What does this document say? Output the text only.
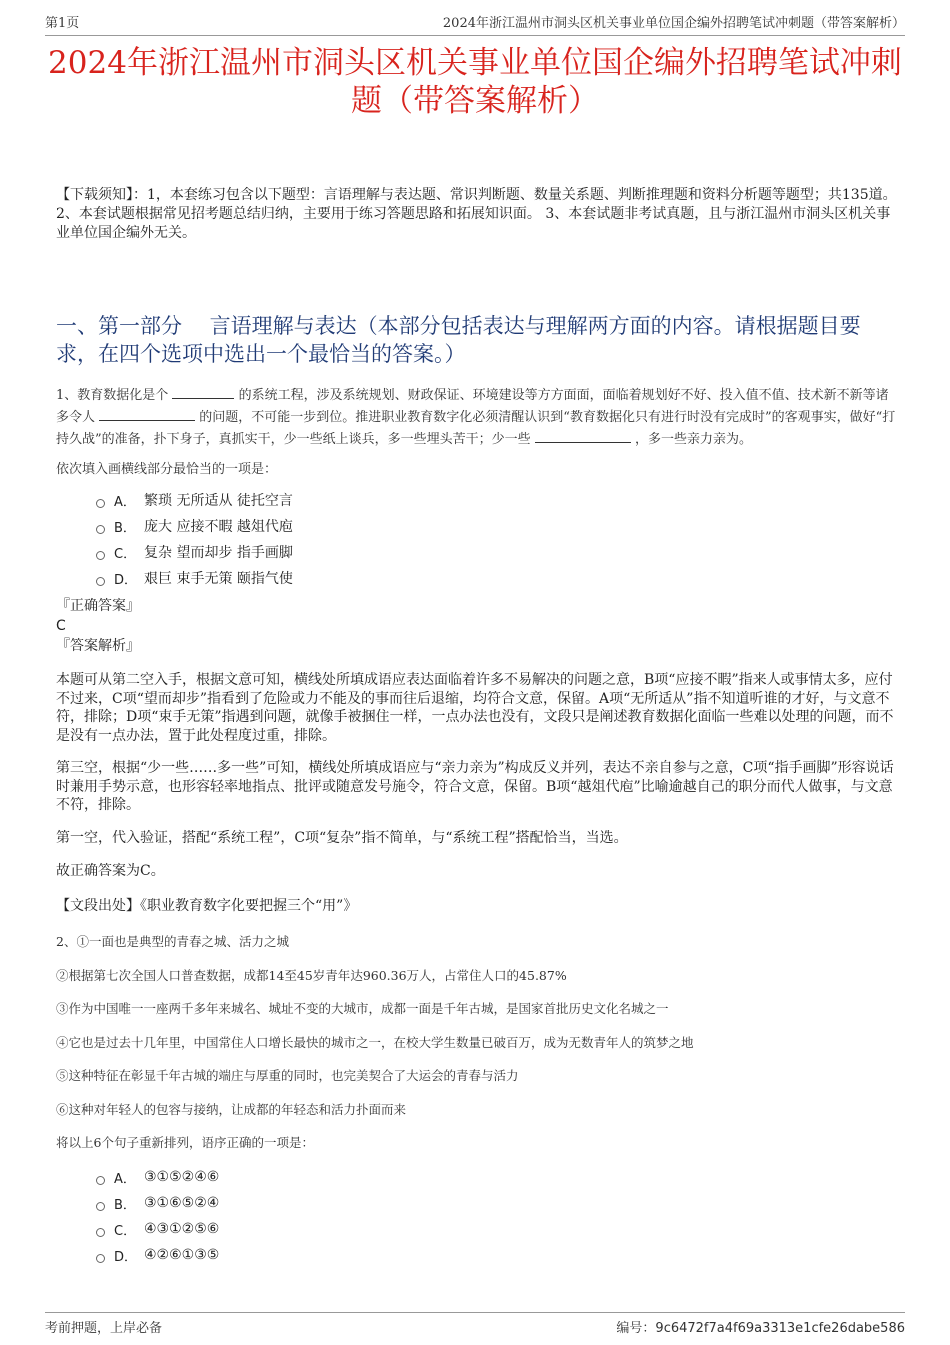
第1页	2024年浙江温州市洞头区机关事业单位国企编外招聘笔试冲刺题（带答案解析）
2024年浙江温州市洞头区机关事业单位国企编外招聘笔试冲刺
题（带答案解析）
【下载须知】：1，本套练习包含以下题型：言语理解与表达题、常识判断题、数量关系题、判断推理题和资料分析题等题型；共135道。 2、本套试题根据常见招考题总结归纳，主要用于练习答题思路和拓展知识面。 3、本套试题非考试真题，且与浙江温州市洞头区机关事业单位国企编外无关。
一、第一部分　 言语理解与表达（本部分包括表达与理解两方面的内容。请根据题目要求，在四个选项中选出一个最恰当的答案。）
1、教育数据化是个	的系统工程，涉及系统规划、财政保证、环境建设等方方面面，面临着规划好不好、投入值不值、技术新不新等诸多令人	的问题，不可能一步到位。推进职业教育数字化必须清醒认识到“教育数据化只有进行时没有完成时”的客观事实，做好“打持久战”的准备，扑下身子，真抓实干，少一些纸上谈兵，多一些埋头苦干；少一些	，多一些亲力亲为。
依次填入画横线部分最恰当的一项是：
A． 繁琐 无所适从 徒托空言
B． 庞大 应接不暇 越俎代庖
C． 复杂 望而却步 指手画脚
D． 艰巨 束手无策 颐指气使
『正确答案』
C
『答案解析』
本题可从第二空入手，根据文意可知，横线处所填成语应表达面临着许多不易解决的问题之意，B项“应接不暇”指来人或事情太多，应付不过来，C项“望而却步”指看到了危险或力不能及的事而往后退缩，均符合文意，保留。A项“无所适从”指不知道听谁的才好，与文意不符，排除；D项“束手无策”指遇到问题，就像手被捆住一样，一点办法也没有，文段只是阐述教育数据化面临一些难以处理的问题，而不是没有一点办法，置于此处程度过重，排除。
第三空，根据“少一些……多一些”可知，横线处所填成语应与“亲力亲为”构成反义并列，表达不亲自参与之意，C项“指手画脚”形容说话时兼用手势示意，也形容轻率地指点、批评或随意发号施令，符合文意，保留。B项“越俎代庖”比喻逾越自己的职分而代人做事，与文意不符，排除。
第一空，代入验证，搭配“系统工程”，C项“复杂”指不简单，与“系统工程”搭配恰当，当选。
故正确答案为C。
【文段出处】《职业教育数字化要把握三个“用”》
2、①一面也是典型的青春之城、活力之城
②根据第七次全国人口普查数据，成都14至45岁青年达960.36万人，占常住人口的45.87%
③作为中国唯一一座两千多年来城名、城址不变的大城市，成都一面是千年古城，是国家首批历史文化名城之一
④它也是过去十几年里，中国常住人口增长最快的城市之一，在校大学生数量已破百万，成为无数青年人的筑梦之地
⑤这种特征在彰显千年古城的端庄与厚重的同时，也完美契合了大运会的青春与活力
⑥这种对年轻人的包容与接纳，让成都的年轻态和活力扑面而来
将以上6个句子重新排列，语序正确的一项是：
A． ③①⑤②④⑥
B． ③①⑥⑤②④
C． ④③①②⑤⑥
D． ④②⑥①③⑤
考前押题，上岸必备	编号：9c6472f7a4f69a3313e1cfe26dabe586
